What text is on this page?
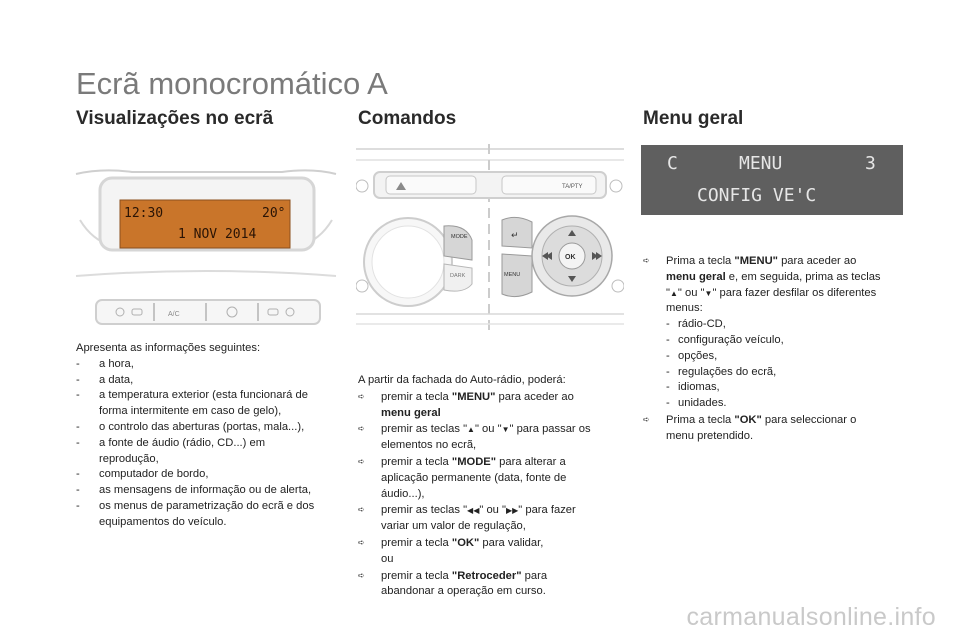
Ecrã monocromático A
Visualizações no ecrã
12:30	20°
1 NOV 2014
A/C
Apresenta as informações seguintes:
- a hora,
- a data,
- a temperatura exterior (esta funcionará de
forma intermitente em caso de gelo),
- o controlo das aberturas (portas, mala...),
- a fonte de áudio (rádio, CD...) em
reprodução,
- computador de bordo,
- as mensagens de informação ou de alerta,
- os menus de parametrização do ecrã e dos
equipamentos do veículo.
Comandos
TA/PTY
MODE
DARK
↵
MENU
OK
A partir da fachada do Auto-rádio, poderá:
➪ premir a tecla "MENU" para aceder ao
menu geral
➪ premir as teclas "▲" ou "▼" para passar os
elementos no ecrã,
➪ premir a tecla "MODE" para alterar a
aplicação permanente (data, fonte de
áudio...),
➪ premir as teclas "◀◀" ou "▶▶" para fazer
variar um valor de regulação,
➪ premir a tecla "OK" para validar,
ou
➪ premir a tecla "Retroceder" para
abandonar a operação em curso.
Menu geral
C	MENU	3
CONFIG VE'C
➪ Prima a tecla "MENU" para aceder ao
menu geral e, em seguida, prima as teclas
"▲" ou "▼" para fazer desfilar os diferentes
menus:
- rádio-CD,
- configuração veículo,
- opções,
- regulações do ecrã,
- idiomas,
- unidades.
➪ Prima a tecla "OK" para seleccionar o
menu pretendido.
carmanualsonline.info
